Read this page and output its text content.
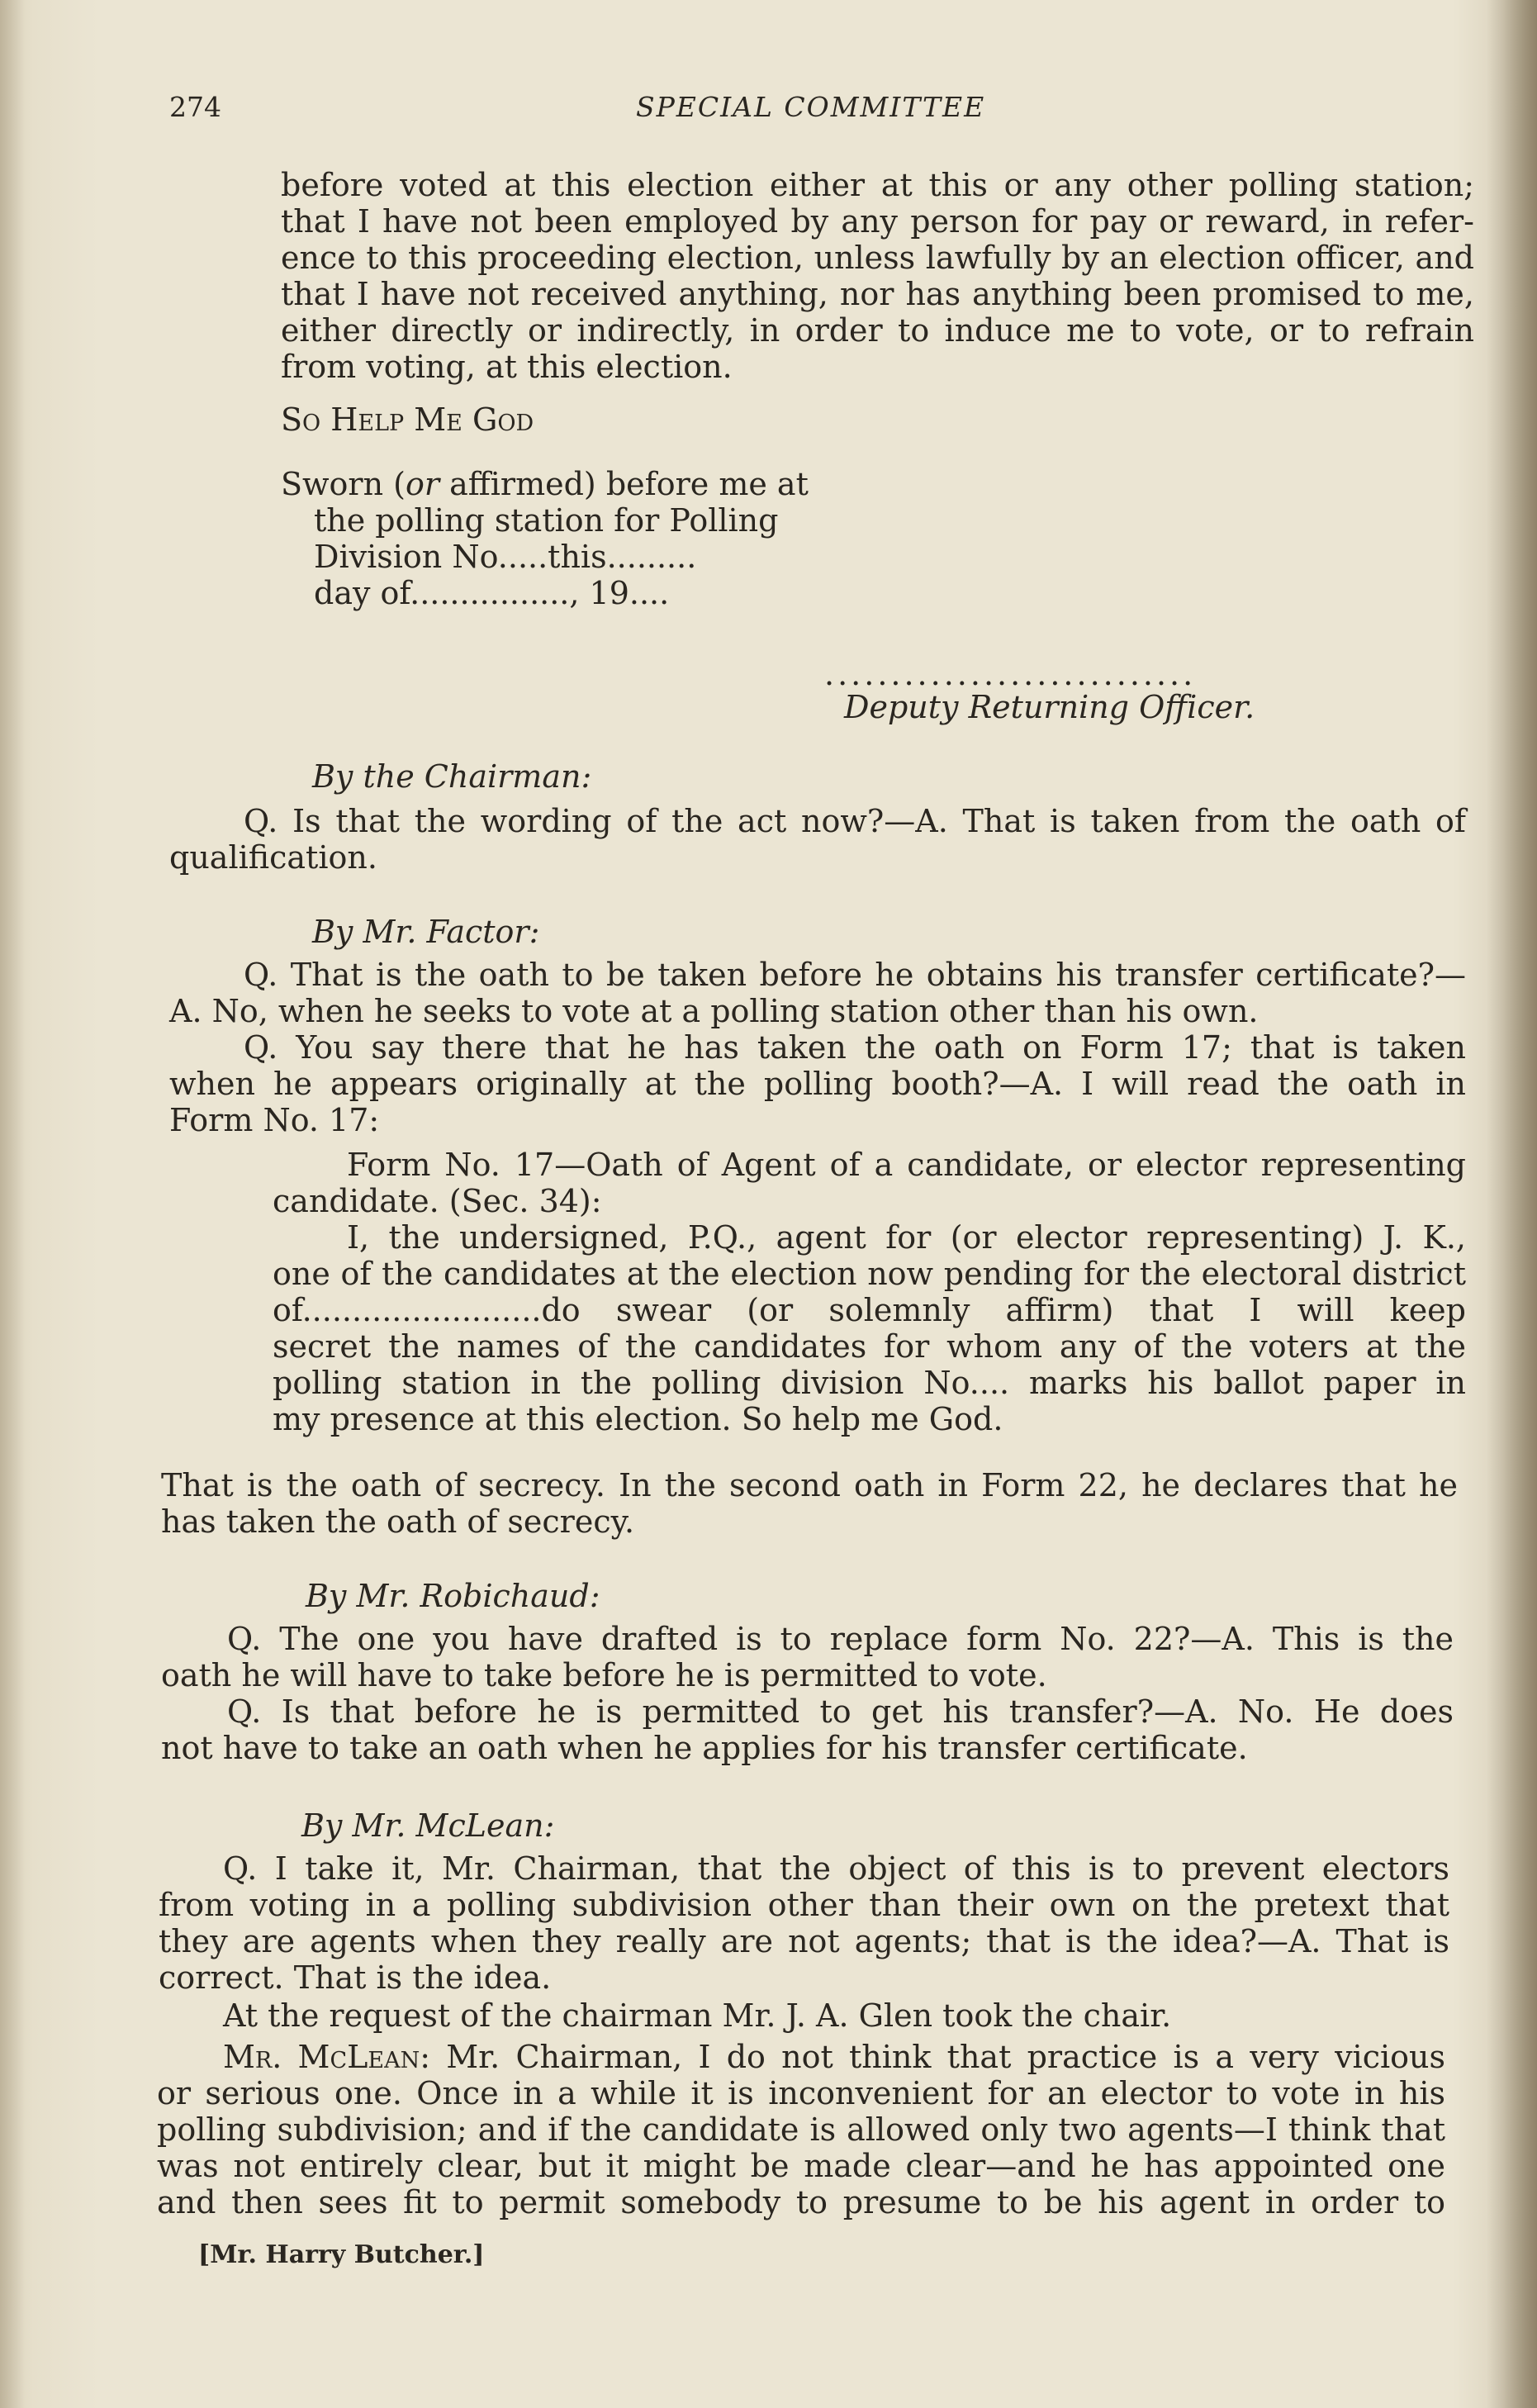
274	SPECIAL COMMITTEE
before voted at this election either at this or any other polling station;
that I have not been employed by any person for pay or reward, in refer-
ence to this proceeding election, unless lawfully by an election officer, and
that I have not received anything, nor has anything been promised to me,
either directly or indirectly, in order to induce me to vote, or to refrain
from voting, at this election.
So Help Me God
Sworn (or affirmed) before me at
the polling station for Polling
Division No.....this.........
day of................, 19....
............................
Deputy Returning Officer.
By the Chairman:
Q. Is that the wording of the act now?—A. That is taken from the oath of
qualification.
By Mr. Factor:
Q. That is the oath to be taken before he obtains his transfer certificate?—
A. No, when he seeks to vote at a polling station other than his own.
Q. You say there that he has taken the oath on Form 17; that is taken
when he appears originally at the polling booth?—A. I will read the oath in
Form No. 17:
Form No. 17—Oath of Agent of a candidate, or elector representing
candidate. (Sec. 34):
I, the undersigned, P.Q., agent for (or elector representing) J. K.,
one of the candidates at the election now pending for the electoral district
of........................do swear (or solemnly affirm) that I will keep
secret the names of the candidates for whom any of the voters at the
polling station in the polling division No.... marks his ballot paper in
my presence at this election. So help me God.
That is the oath of secrecy. In the second oath in Form 22, he declares that he
has taken the oath of secrecy.
By Mr. Robichaud:
Q. The one you have drafted is to replace form No. 22?—A. This is the
oath he will have to take before he is permitted to vote.
Q. Is that before he is permitted to get his transfer?—A. No. He does
not have to take an oath when he applies for his transfer certificate.
By Mr. McLean:
Q. I take it, Mr. Chairman, that the object of this is to prevent electors
from voting in a polling subdivision other than their own on the pretext that
they are agents when they really are not agents; that is the idea?—A. That is
correct. That is the idea.
At the request of the chairman Mr. J. A. Glen took the chair.
Mr. McLean: Mr. Chairman, I do not think that practice is a very vicious
or serious one. Once in a while it is inconvenient for an elector to vote in his
polling subdivision; and if the candidate is allowed only two agents—I think that
was not entirely clear, but it might be made clear—and he has appointed one
and then sees fit to permit somebody to presume to be his agent in order to
[Mr. Harry Butcher.]
